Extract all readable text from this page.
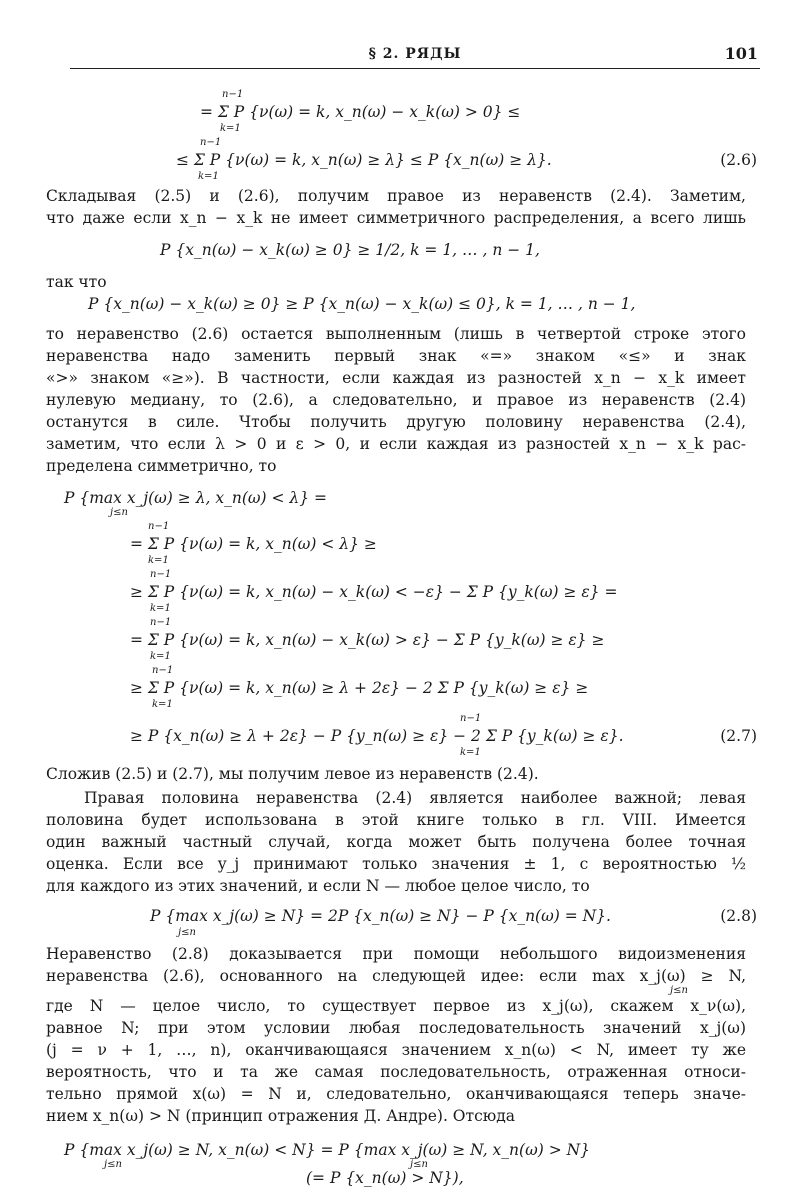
§ 2. РЯДЫ	101
n−1
= Σ P {ν(ω) = k, x_n(ω) − x_k(ω) > 0} ≤
k=1
n−1
≤ Σ P {ν(ω) = k, x_n(ω) ≥ λ} ≤ P {x_n(ω) ≥ λ}.
k=1
(2.6)
Складывая (2.5) и (2.6), получим правое из неравенств (2.4). Заметим,
что даже если x_n − x_k не имеет симметричного распределения, а всего лишь
P {x_n(ω) − x_k(ω) ≥ 0} ≥ 1/2, k = 1, … , n − 1,
так что
P {x_n(ω) − x_k(ω) ≥ 0} ≥ P {x_n(ω) − x_k(ω) ≤ 0}, k = 1, … , n − 1,
то неравенство (2.6) остается выполненным (лишь в четвертой строке этого
неравенства надо заменить первый знак «=» знаком «≤» и знак
«>» знаком «≥»). В частности, если каждая из разностей x_n − x_k имеет
нулевую медиану, то (2.6), а следовательно, и правое из неравенств (2.4)
останутся в силе. Чтобы получить другую половину неравенства (2.4),
заметим, что если λ > 0 и ε > 0, и если каждая из разностей x_n − x_k рас-
пределена симметрично, то
P {max x_j(ω) ≥ λ, x_n(ω) < λ} =
j≤n
n−1
= Σ P {ν(ω) = k, x_n(ω) < λ} ≥
k=1
n−1
≥ Σ P {ν(ω) = k, x_n(ω) − x_k(ω) < −ε} − Σ P {y_k(ω) ≥ ε} =
k=1
n−1
= Σ P {ν(ω) = k, x_n(ω) − x_k(ω) > ε} − Σ P {y_k(ω) ≥ ε} ≥
k=1
n−1
≥ Σ P {ν(ω) = k, x_n(ω) ≥ λ + 2ε} − 2 Σ P {y_k(ω) ≥ ε} ≥
k=1
n−1
≥ P {x_n(ω) ≥ λ + 2ε} − P {y_n(ω) ≥ ε} − 2 Σ P {y_k(ω) ≥ ε}.
k=1
(2.7)
Сложив (2.5) и (2.7), мы получим левое из неравенств (2.4).
Правая половина неравенства (2.4) является наиболее важной; левая
половина будет использована в этой книге только в гл. VIII. Имеется
один важный частный случай, когда может быть получена более точная
оценка. Если все y_j принимают только значения ± 1, с вероятностью ½
для каждого из этих значений, и если N — любое целое число, то
P {max x_j(ω) ≥ N} = 2P {x_n(ω) ≥ N} − P {x_n(ω) = N}.
j≤n
(2.8)
Неравенство (2.8) доказывается при помощи небольшого видоизменения
неравенства (2.6), основанного на следующей идее: если max x_j(ω) ≥ N,
j≤n
где N — целое число, то существует первое из x_j(ω), скажем x_ν(ω),
равное N; при этом условии любая последовательность значений x_j(ω)
(j = ν + 1, …, n), оканчивающаяся значением x_n(ω) < N, имеет ту же
вероятность, что и та же самая последовательность, отраженная относи-
тельно прямой x(ω) = N и, следовательно, оканчивающаяся теперь значе-
нием x_n(ω) > N (принцип отражения Д. Андре). Отсюда
P {max x_j(ω) ≥ N, x_n(ω) < N} = P {max x_j(ω) ≥ N, x_n(ω) > N}
j≤n	j≤n
(= P {x_n(ω) > N}),
